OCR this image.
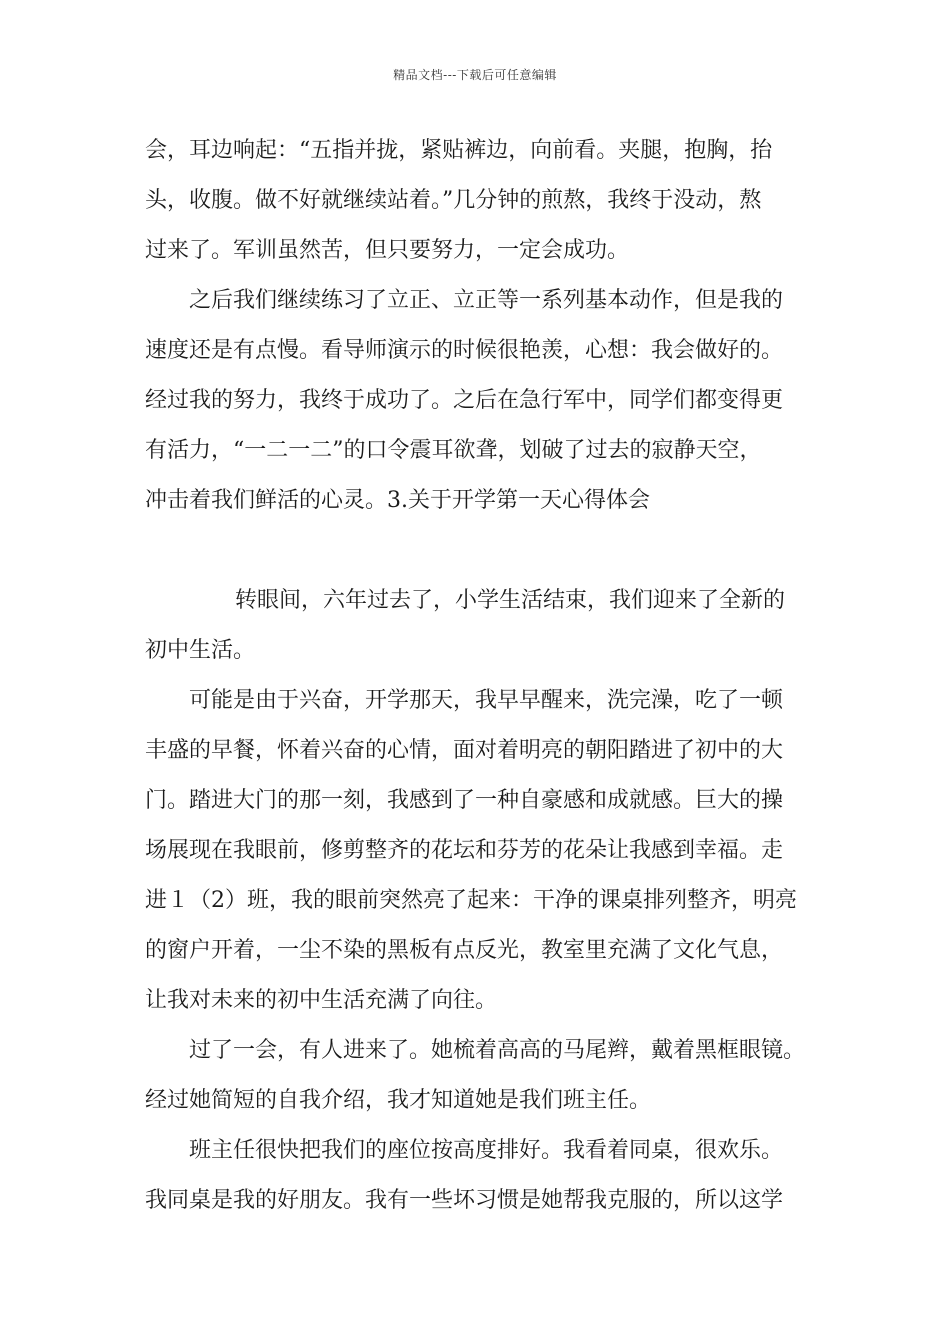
精品文档---下载后可任意编辑
会，耳边响起：“五指并拢，紧贴裤边，向前看。夹腿，抱胸，抬
头，收腹。做不好就继续站着。”几分钟的煎熬，我终于没动，熬
过来了。军训虽然苦，但只要努力，一定会成功。
之后我们继续练习了立正、立正等一系列基本动作，但是我的
速度还是有点慢。看导师演示的时候很艳羡，心想：我会做好的。
经过我的努力，我终于成功了。之后在急行军中，同学们都变得更
有活力，“一二一二”的口令震耳欲聋，划破了过去的寂静天空，
冲击着我们鲜活的心灵。3.关于开学第一天心得体会
转眼间，六年过去了，小学生活结束，我们迎来了全新的
初中生活。
可能是由于兴奋，开学那天，我早早醒来，洗完澡，吃了一顿
丰盛的早餐，怀着兴奋的心情，面对着明亮的朝阳踏进了初中的大
门。踏进大门的那一刻，我感到了一种自豪感和成就感。巨大的操
场展现在我眼前，修剪整齐的花坛和芬芳的花朵让我感到幸福。走
进１（2）班，我的眼前突然亮了起来：干净的课桌排列整齐，明亮
的窗户开着，一尘不染的黑板有点反光，教室里充满了文化气息，
让我对未来的初中生活充满了向往。
过了一会，有人进来了。她梳着高高的马尾辫，戴着黑框眼镜。
经过她简短的自我介绍，我才知道她是我们班主任。
班主任很快把我们的座位按高度排好。我看着同桌，很欢乐。
我同桌是我的好朋友。我有一些坏习惯是她帮我克服的，所以这学
